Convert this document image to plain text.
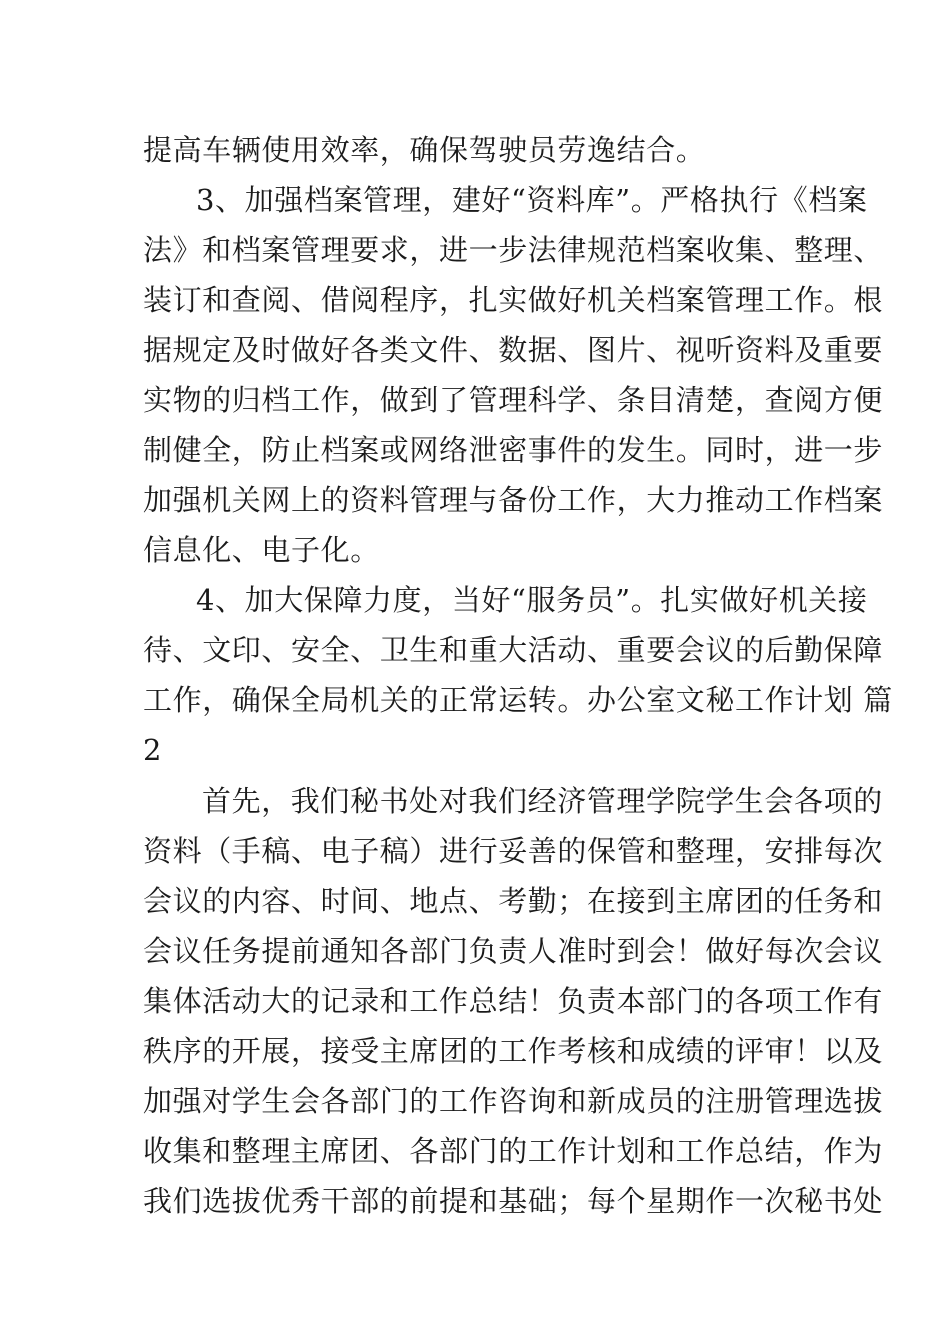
提高车辆使用效率，确保驾驶员劳逸结合。
3、加强档案管理，建好“资料库”。严格执行《档案
法》和档案管理要求，进一步法律规范档案收集、整理、
装订和查阅、借阅程序，扎实做好机关档案管理工作。根
据规定及时做好各类文件、数据、图片、视听资料及重要
实物的归档工作，做到了管理科学、条目清楚，查阅方便
制健全，防止档案或网络泄密事件的发生。同时，进一步
加强机关网上的资料管理与备份工作，大力推动工作档案
信息化、电子化。
4、加大保障力度，当好“服务员”。扎实做好机关接
待、文印、安全、卫生和重大活动、重要会议的后勤保障
工作，确保全局机关的正常运转。办公室文秘工作计划 篇
2
首先，我们秘书处对我们经济管理学院学生会各项的
资料（手稿、电子稿）进行妥善的保管和整理，安排每次
会议的内容、时间、地点、考勤；在接到主席团的任务和
会议任务提前通知各部门负责人准时到会！做好每次会议
集体活动大的记录和工作总结！负责本部门的各项工作有
秩序的开展，接受主席团的工作考核和成绩的评审！以及
加强对学生会各部门的工作咨询和新成员的注册管理选拔
收集和整理主席团、各部门的工作计划和工作总结，作为
我们选拔优秀干部的前提和基础；每个星期作一次秘书处
